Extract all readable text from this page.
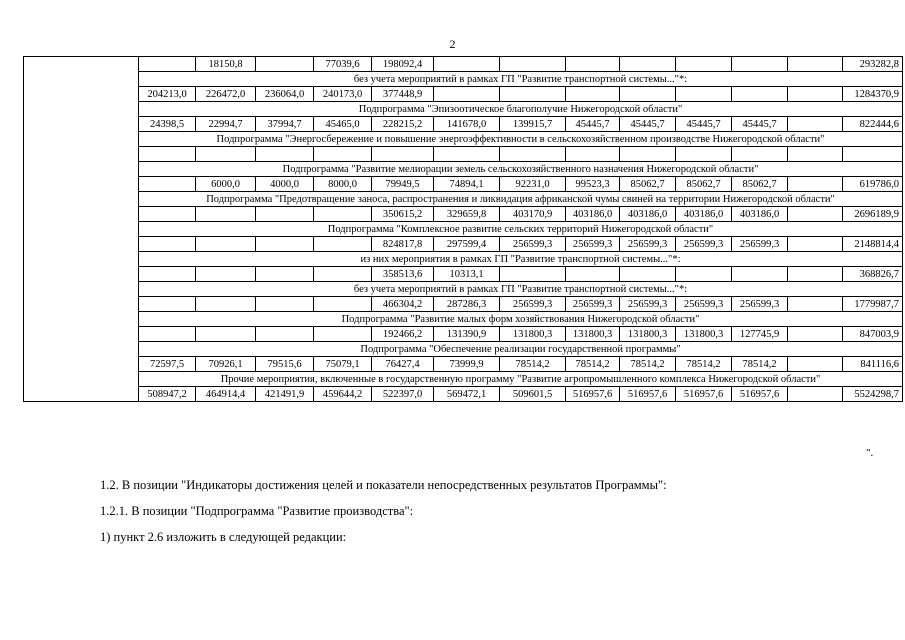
2
		18150,8		77039,6	198092,4								293282,8
	без учета мероприятий в рамках ГП "Развитие транспортной системы..."*:												
	204213,0	226472,0	236064,0	240173,0	377448,9								1284370,9
	Подпрограмма "Эпизоотическое благополучие Нижегородской области"												
	24398,5	22994,7	37994,7	45465,0	228215,2	141678,0	139915,7	45445,7	45445,7	45445,7	45445,7		822444,6
	Подпрограмма "Энергосбережение и повышение энергоэффективности в сельскохозяйственном производстве Нижегородской области"												

	Подпрограмма "Развитие мелиорации земель сельскохозяйственного назначения Нижегородской области"												
		6000,0	4000,0	8000,0	79949,5	74894,1	92231,0	99523,3	85062,7	85062,7	85062,7		619786,0
	Подпрограмма "Предотвращение заноса, распространения и ликвидация африканской чумы свиней на территории Нижегородской области"												
					350615,2	329659,8	403170,9	403186,0	403186,0	403186,0	403186,0		2696189,9
	Подпрограмма "Комплексное развитие сельских территорий Нижегородской области"												
					824817,8	297599,4	256599,3	256599,3	256599,3	256599,3	256599,3		2148814,4
	из них мероприятия в рамках ГП "Развитие транспортной системы..."*:												
					358513,6	10313,1							368826,7
	без учета мероприятий в рамках ГП "Развитие транспортной системы..."*:												
					466304,2	287286,3	256599,3	256599,3	256599,3	256599,3	256599,3		1779987,7
	Подпрограмма "Развитие малых форм хозяйствования Нижегородской области"												
					192466,2	131390,9	131800,3	131800,3	131800,3	131800,3	127745,9		847003,9
	Подпрограмма "Обеспечение реализации государственной программы"												
	72597,5	70926,1	79515,6	75079,1	76427,4	73999,9	78514,2	78514,2	78514,2	78514,2	78514,2		841116,6
	Прочие мероприятия, включенные в государственную программу "Развитие агропромышленного комплекса Нижегородской области"												
	508947,2	464914,4	421491,9	459644,2	522397,0	569472,1	509601,5	516957,6	516957,6	516957,6	516957,6		5524298,7
".
1.2. В позиции "Индикаторы достижения целей и показатели непосредственных результатов Программы":
1.2.1. В позиции "Подпрограмма "Развитие производства":
1) пункт 2.6 изложить в следующей редакции:
